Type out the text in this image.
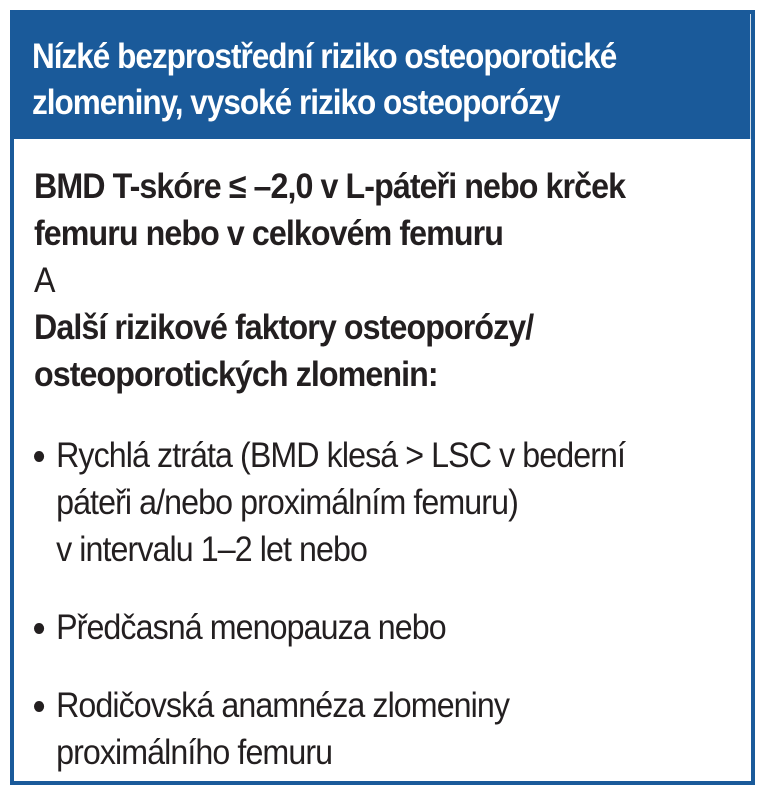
Nízké bezprostřední riziko osteoporotické
zlomeniny, vysoké riziko osteoporózy
BMD T-skóre ≤ –2,0 v L-páteři nebo krček
femuru nebo v celkovém femuru
A
Další rizikové faktory osteoporózy/
osteoporotických zlomenin:
Rychlá ztráta (BMD klesá > LSC v bederní
páteři a/nebo proximálním femuru)
v intervalu 1–2 let nebo
Předčasná menopauza nebo
Rodičovská anamnéza zlomeniny
proximálního femuru
